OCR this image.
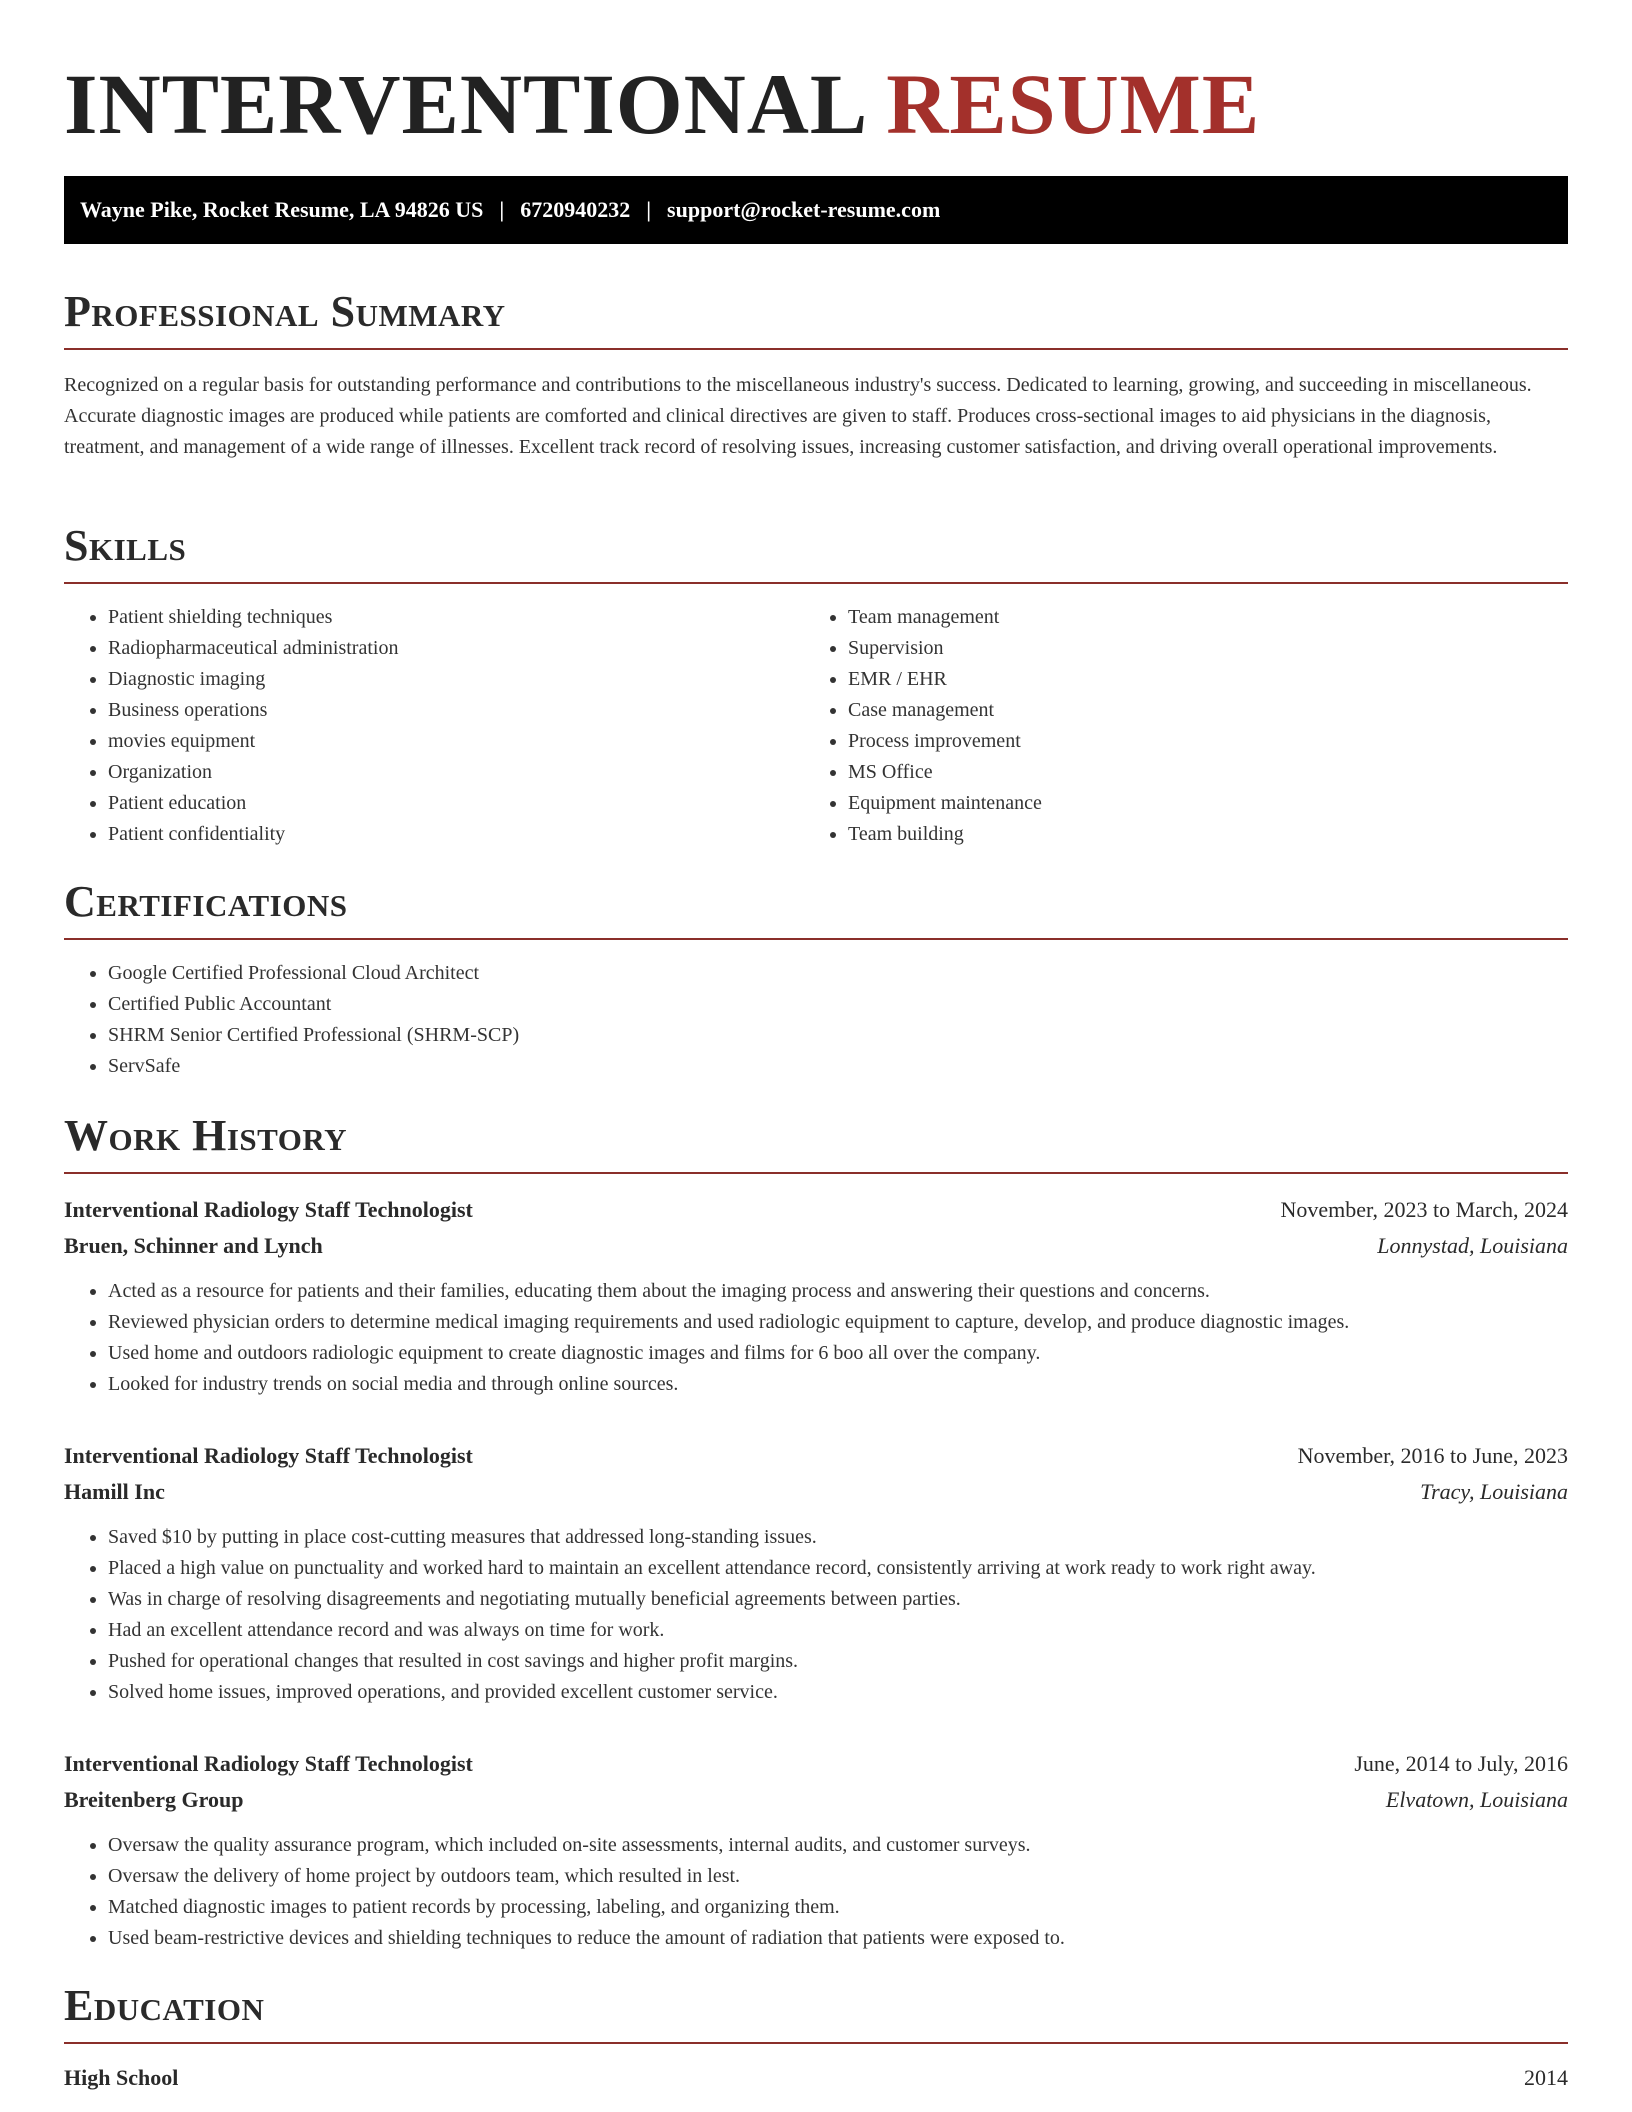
INTERVENTIONAL RESUME
Wayne Pike, Rocket Resume, LA 94826 US | 6720940232 | support@rocket-resume.com
Professional Summary

Recognized on a regular basis for outstanding performance and contributions to the miscellaneous industry's success. Dedicated to learning, growing, and succeeding in miscellaneous. Accurate diagnostic images are produced while patients are comforted and clinical directives are given to staff. Produces cross-sectional images to aid physicians in the diagnosis, treatment, and management of a wide range of illnesses. Excellent track record of resolving issues, increasing customer satisfaction, and driving overall operational improvements.

Skills
• Patient shielding techniques
• Radiopharmaceutical administration
• Diagnostic imaging
• Business operations
• movies equipment
• Organization
• Patient education
• Patient confidentiality
• Team management
• Supervision
• EMR / EHR
• Case management
• Process improvement
• MS Office
• Equipment maintenance
• Team building
Certifications
• Google Certified Professional Cloud Architect
• Certified Public Accountant
• SHRM Senior Certified Professional (SHRM-SCP)
• ServSafe
Work History
Interventional Radiology Staff Technologist	November, 2023 to March, 2024
Bruen, Schinner and Lynch	Lonnystad, Louisiana
• Acted as a resource for patients and their families, educating them about the imaging process and answering their questions and concerns.
• Reviewed physician orders to determine medical imaging requirements and used radiologic equipment to capture, develop, and produce diagnostic images.
• Used home and outdoors radiologic equipment to create diagnostic images and films for 6 boo all over the company.
• Looked for industry trends on social media and through online sources.
Interventional Radiology Staff Technologist	November, 2016 to June, 2023
Hamill Inc	Tracy, Louisiana
• Saved $10 by putting in place cost-cutting measures that addressed long-standing issues.
• Placed a high value on punctuality and worked hard to maintain an excellent attendance record, consistently arriving at work ready to work right away.
• Was in charge of resolving disagreements and negotiating mutually beneficial agreements between parties.
• Had an excellent attendance record and was always on time for work.
• Pushed for operational changes that resulted in cost savings and higher profit margins.
• Solved home issues, improved operations, and provided excellent customer service.
Interventional Radiology Staff Technologist	June, 2014 to July, 2016
Breitenberg Group	Elvatown, Louisiana
• Oversaw the quality assurance program, which included on-site assessments, internal audits, and customer surveys.
• Oversaw the delivery of home project by outdoors team, which resulted in lest.
• Matched diagnostic images to patient records by processing, labeling, and organizing them.
• Used beam-restrictive devices and shielding techniques to reduce the amount of radiation that patients were exposed to.
Education
High School	2014
